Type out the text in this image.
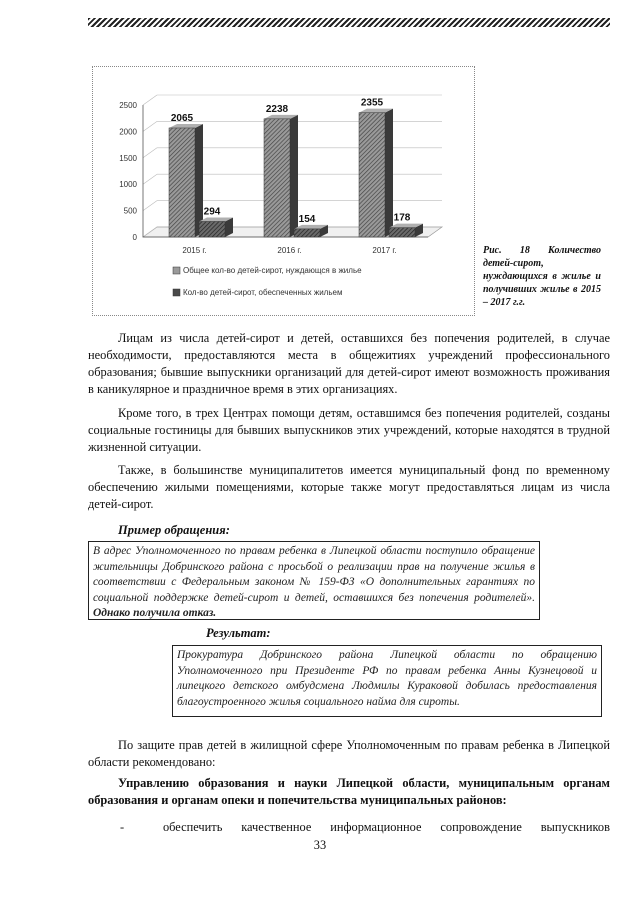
0
500
1000
1500
2000
2500
2065
294
2015 г.
2238
154
2016 г.
2355
178
2017 г.
Общее кол-во детей-сирот, нуждающся в жилье
Кол-во детей-сирот, обеспеченных жильем
Рис. 18 Количество детей-сирот, нуждающихся в жилье и получивших жилье в 2015 – 2017 г.г.
Лицам из числа детей-сирот и детей, оставшихся без попечения родителей, в случае необходимости, предоставляются места в общежитиях учреждений профессионального образования; бывшие выпускники организаций для детей-сирот имеют возможность проживания в каникулярное и праздничное время в этих организациях.
Кроме того, в трех Центрах помощи детям, оставшимся без попечения родителей, созданы социальные гостиницы для бывших выпускников этих учреждений, которые находятся в трудной жизненной ситуации.
Также, в большинстве муниципалитетов имеется муниципальный фонд по временному обеспечению жилыми помещениями, которые также могут предоставляться лицам из числа детей-сирот.
Пример обращения:
В адрес Уполномоченного по правам ребенка в Липецкой области поступило обращение жительницы Добринского района с просьбой о реализации прав на получение жилья в соответствии с Федеральным законом № 159-ФЗ «О дополнительных гарантиях по социальной поддержке детей-сирот и детей, оставшихся без попечения родителей». Однако получила отказ.
Результат:
Прокуратура Добринского района Липецкой области по обращению Уполномоченного при Президенте РФ по правам ребенка Анны Кузнецовой и липецкого детского омбудсмена Людмилы Кураковой добилась предоставления благоустроенного жилья социального найма для сироты.
По защите прав детей в жилищной сфере Уполномоченным по правам ребенка в Липецкой области рекомендовано:
Управлению образования и науки Липецкой области, муниципальным органам образования и органам опеки и попечительства муниципальных районов:
-	обеспечить качественное информационное сопровождение выпускников
33
